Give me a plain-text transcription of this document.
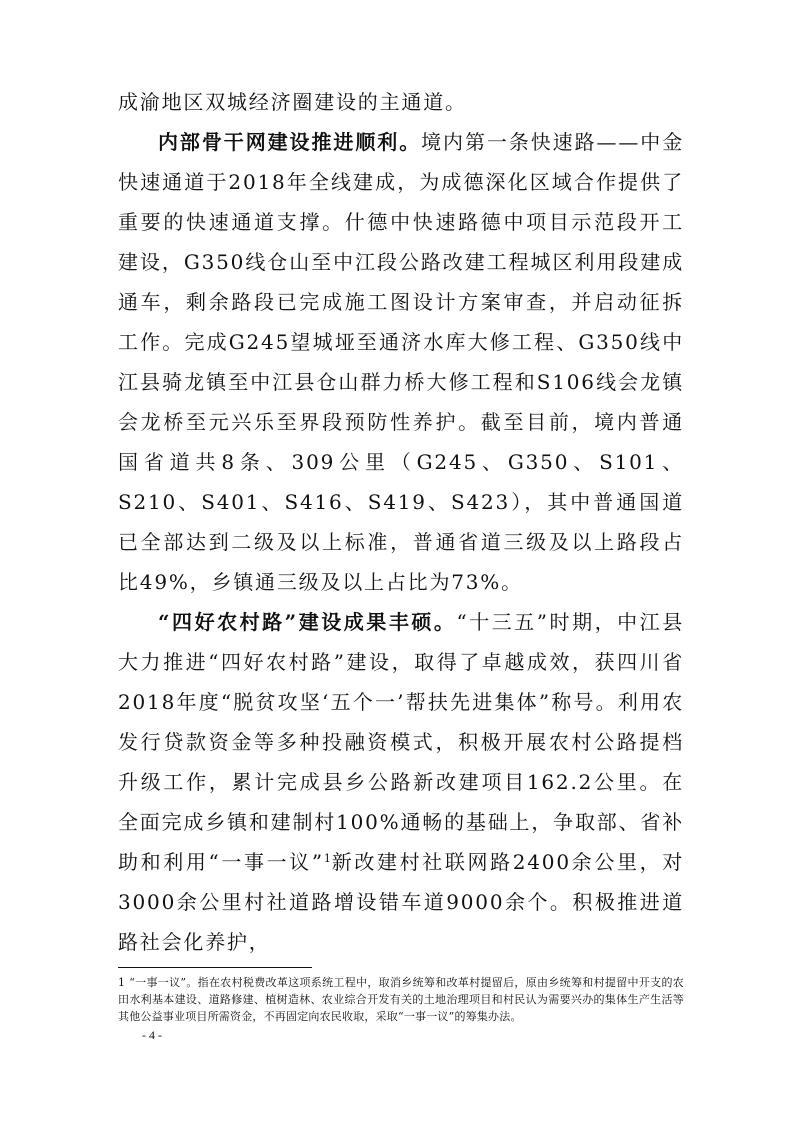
成渝地区双城经济圈建设的主通道。

内部骨干网建设推进顺利。境内第一条快速路——中金快速通道于2018年全线建成，为成德深化区域合作提供了重要的快速通道支撑。什德中快速路德中项目示范段开工建设，G350线仓山至中江段公路改建工程城区利用段建成通车，剩余路段已完成施工图设计方案审查，并启动征拆工作。完成G245望城垭至通济水库大修工程、G350线中江县骑龙镇至中江县仓山群力桥大修工程和S106线会龙镇会龙桥至元兴乐至界段预防性养护。截至目前，境内普通国省道共8条、309公里（G245、G350、S101、S210、S401、S416、S419、S423），其中普通国道已全部达到二级及以上标准，普通省道三级及以上路段占比49%，乡镇通三级及以上占比为73%。

“四好农村路”建设成果丰硕。“十三五”时期，中江县大力推进“四好农村路”建设，取得了卓越成效，获四川省2018年度“脱贫攻坚‘五个一’帮扶先进集体”称号。利用农发行贷款资金等多种投融资模式，积极开展农村公路提档升级工作，累计完成县乡公路新改建项目162.2公里。在全面完成乡镇和建制村100%通畅的基础上，争取部、省补助和利用“一事一议”$^1$新改建村社联网路2400余公里，对3000余公里村社道路增设错车道9000余个。积极推进道路社会化养护，

1 “一事一议”。指在农村税费改革这项系统工程中，取消乡统筹和改革村提留后，原由乡统筹和村提留中开支的农田水利基本建设、道路修建、植树造林、农业综合开发有关的土地治理项目和村民认为需要兴办的集体生产生活等其他公益事业项目所需资金，不再固定向农民收取，采取“一事一议”的筹集办法。

- 4 -
